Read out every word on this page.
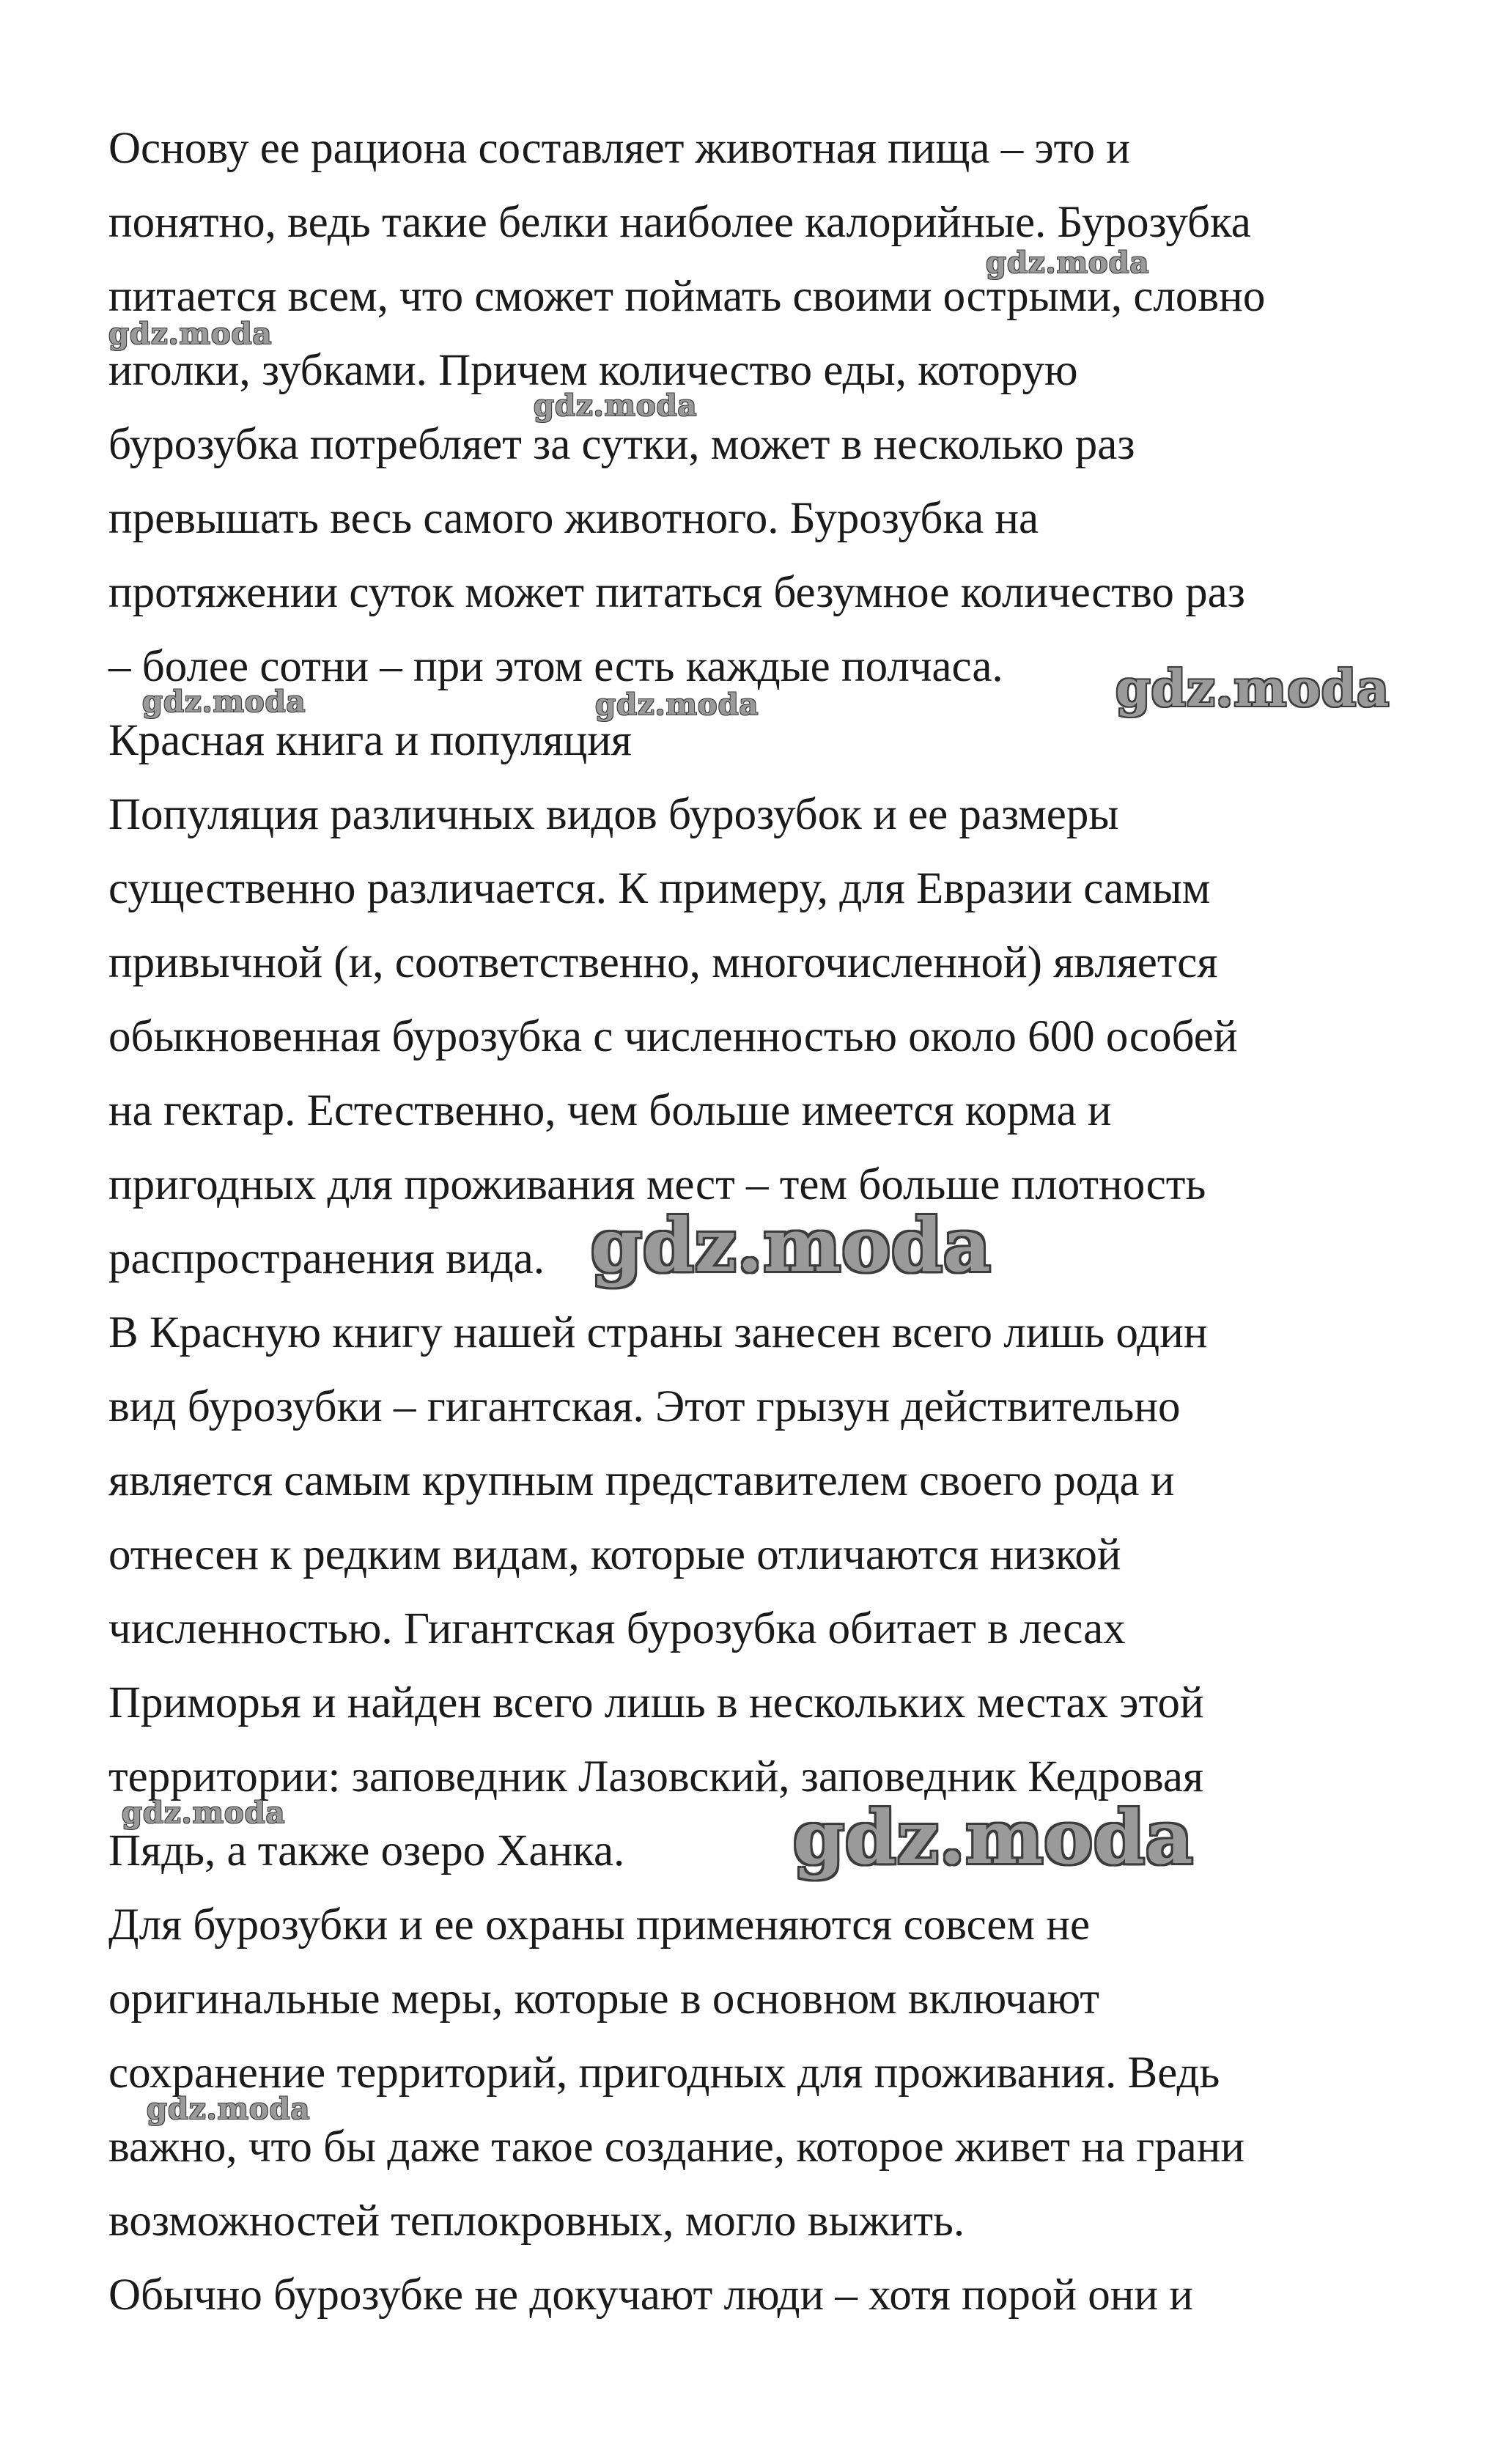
Основу ее рациона составляет животная пища – это и
понятно, ведь такие белки наиболее калорийные. Бурозубка
питается всем, что сможет поймать своими острыми, словно
иголки, зубками. Причем количество еды, которую
бурозубка потребляет за сутки, может в несколько раз
превышать весь самого животного. Бурозубка на
протяжении суток может питаться безумное количество раз
– более сотни – при этом есть каждые полчаса.
Красная книга и популяция
Популяция различных видов бурозубок и ее размеры
существенно различается. К примеру, для Евразии самым
привычной (и, соответственно, многочисленной) является
обыкновенная бурозубка с численностью около 600 особей
на гектар. Естественно, чем больше имеется корма и
пригодных для проживания мест – тем больше плотность
распространения вида.
В Красную книгу нашей страны занесен всего лишь один
вид бурозубки – гигантская. Этот грызун действительно
является самым крупным представителем своего рода и
отнесен к редким видам, которые отличаются низкой
численностью. Гигантская бурозубка обитает в лесах
Приморья и найден всего лишь в нескольких местах этой
территории: заповедник Лазовский, заповедник Кедровая
Пядь, а также озеро Ханка.
Для бурозубки и ее охраны применяются совсем не
оригинальные меры, которые в основном включают
сохранение территорий, пригодных для проживания. Ведь
важно, что бы даже такое создание, которое живет на грани
возможностей теплокровных, могло выжить.
Обычно бурозубке не докучают люди – хотя порой они и
gdz.moda
gdz.moda
gdz.moda
gdz.moda
gdz.moda	gdz.moda
gdz.moda
gdz.moda	gdz.moda
gdz.moda
